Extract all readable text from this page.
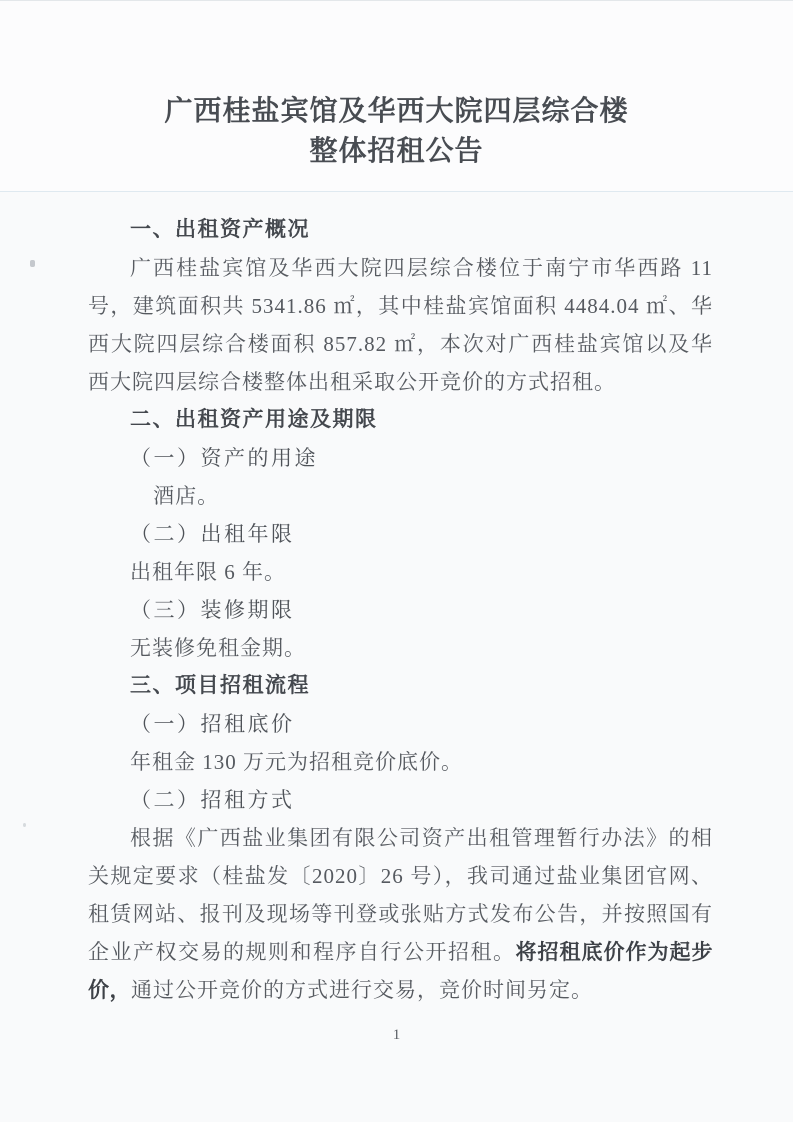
广西桂盐宾馆及华西大院四层综合楼
整体招租公告
一、出租资产概况

广西桂盐宾馆及华西大院四层综合楼位于南宁市华西路 11 号，建筑面积共 5341.86 ㎡，其中桂盐宾馆面积 4484.04 ㎡、华西大院四层综合楼面积 857.82 ㎡，本次对广西桂盐宾馆以及华西大院四层综合楼整体出租采取公开竞价的方式招租。

二、出租资产用途及期限
（一）资产的用途
酒店。
（二）出租年限
出租年限 6 年。
（三）装修期限
无装修免租金期。
三、项目招租流程
（一）招租底价
年租金 130 万元为招租竞价底价。
（二）招租方式

根据《广西盐业集团有限公司资产出租管理暂行办法》的相关规定要求（桂盐发〔2020〕26 号），我司通过盐业集团官网、租赁网站、报刊及现场等刊登或张贴方式发布公告，并按照国有企业产权交易的规则和程序自行公开招租。将招租底价作为起步价，通过公开竞价的方式进行交易，竞价时间另定。

1
